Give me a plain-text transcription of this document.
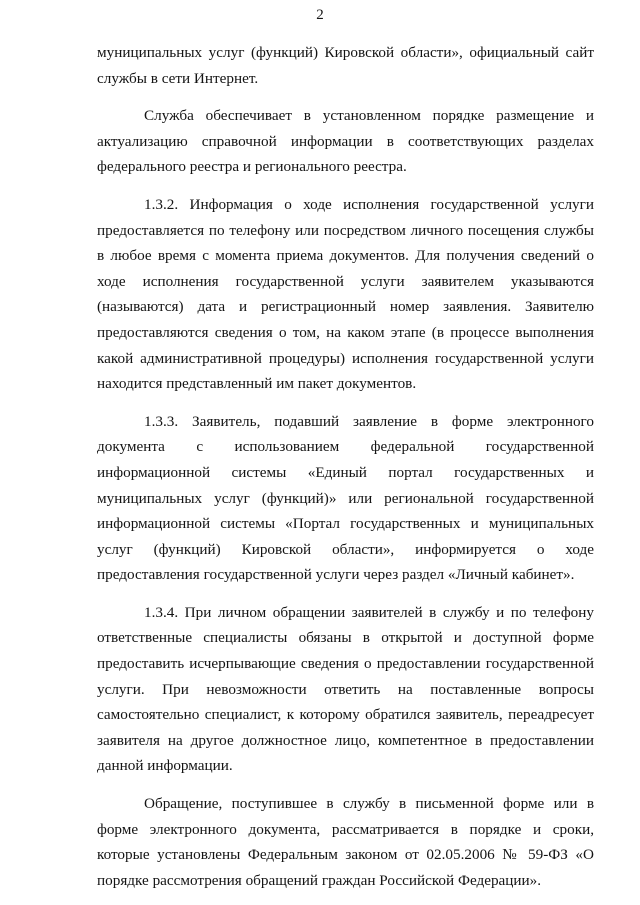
2

муниципальных услуг (функций) Кировской области», официальный сайт службы в сети Интернет.

Служба обеспечивает в установленном порядке размещение и актуализацию справочной информации в соответствующих разделах федерального реестра и регионального реестра.

1.3.2. Информация о ходе исполнения государственной услуги предоставляется по телефону или посредством личного посещения службы в любое время с момента приема документов. Для получения сведений о ходе исполнения государственной услуги заявителем указываются (называются) дата и регистрационный номер заявления. Заявителю предоставляются сведения о том, на каком этапе (в процессе выполнения какой административной процедуры) исполнения государственной услуги находится представленный им пакет документов.

1.3.3. Заявитель, подавший заявление в форме электронного документа с использованием федеральной государственной информационной системы «Единый портал государственных и муниципальных услуг (функций)» или региональной государственной информационной системы «Портал государственных и муниципальных услуг (функций) Кировской области», информируется о ходе предоставления государственной услуги через раздел «Личный кабинет».

1.3.4. При личном обращении заявителей в службу и по телефону ответственные специалисты обязаны в открытой и доступной форме предоставить исчерпывающие сведения о предоставлении государственной услуги. При невозможности ответить на поставленные вопросы самостоятельно специалист, к которому обратился заявитель, переадресует заявителя на другое должностное лицо, компетентное в предоставлении данной информации.

Обращение, поступившее в службу в письменной форме или в форме электронного документа, рассматривается в порядке и сроки, которые установлены Федеральным законом от 02.05.2006 № 59-ФЗ «О порядке рассмотрения обращений граждан Российской Федерации».
